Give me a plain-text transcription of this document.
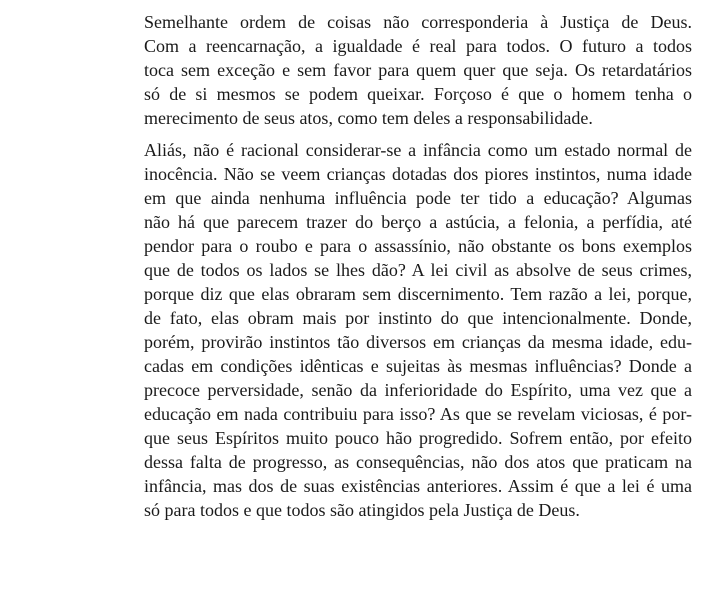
Semelhante ordem de coisas não corresponderia à Justiça de Deus.
Com a reencarnação, a igualdade é real para todos. O futuro a todos
toca sem exceção e sem favor para quem quer que seja. Os retardatários
só de si mesmos se podem queixar. Forçoso é que o homem tenha o
merecimento de seus atos, como tem deles a responsabilidade.
Aliás, não é racional considerar-se a infância como um estado normal de
inocência. Não se veem crianças dotadas dos piores instintos, numa idade
em que ainda nenhuma influência pode ter tido a educação? Algumas
não há que parecem trazer do berço a astúcia, a felonia, a perfídia, até
pendor para o roubo e para o assassínio, não obstante os bons exemplos
que de todos os lados se lhes dão? A lei civil as absolve de seus crimes,
porque diz que elas obraram sem discernimento. Tem razão a lei, porque,
de fato, elas obram mais por instinto do que intencionalmente. Donde,
porém, provirão instintos tão diversos em crianças da mesma idade, edu-
cadas em condições idênticas e sujeitas às mesmas influências? Donde a
precoce perversidade, senão da inferioridade do Espírito, uma vez que a
educação em nada contribuiu para isso? As que se revelam viciosas, é por-
que seus Espíritos muito pouco hão progredido. Sofrem então, por efeito
dessa falta de progresso, as consequências, não dos atos que praticam na
infância, mas dos de suas existências anteriores. Assim é que a lei é uma
só para todos e que todos são atingidos pela Justiça de Deus.
